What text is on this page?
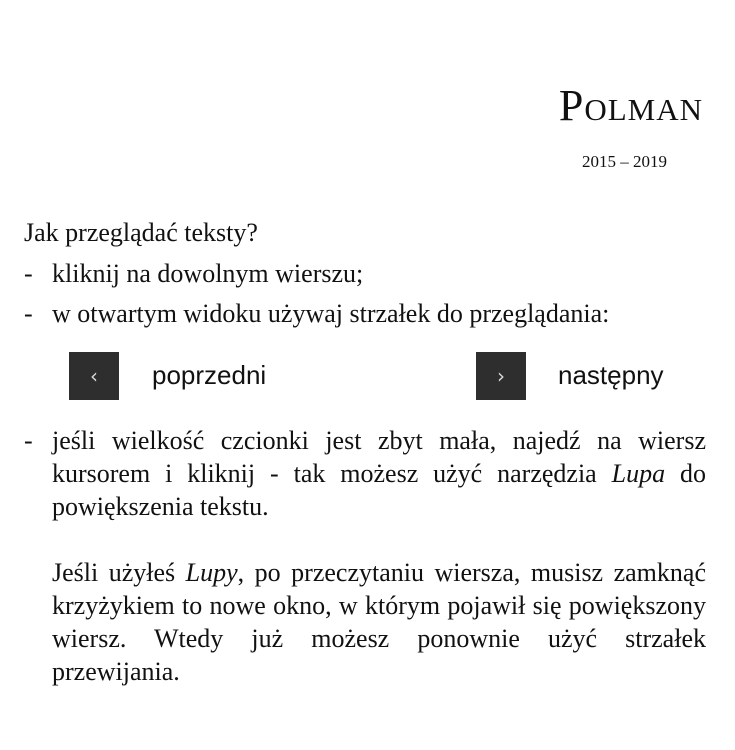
Polman
2015 – 2019
Jak przeglądać teksty?
- kliknij na dowolnym wierszu;
- w otwartym widoku używaj strzałek do przeglądania:
‹ poprzedni	› następny
- jeśli wielkość czcionki jest zbyt mała, najedź na wiersz kursorem i kliknij - tak możesz użyć narzędzia Lupa do powiększenia tekstu.
Jeśli użyłeś Lupy, po przeczytaniu wiersza, musisz zamknąć krzyżykiem to nowe okno, w którym pojawił się powiększony wiersz. Wtedy już możesz ponownie użyć strzałek przewijania.
